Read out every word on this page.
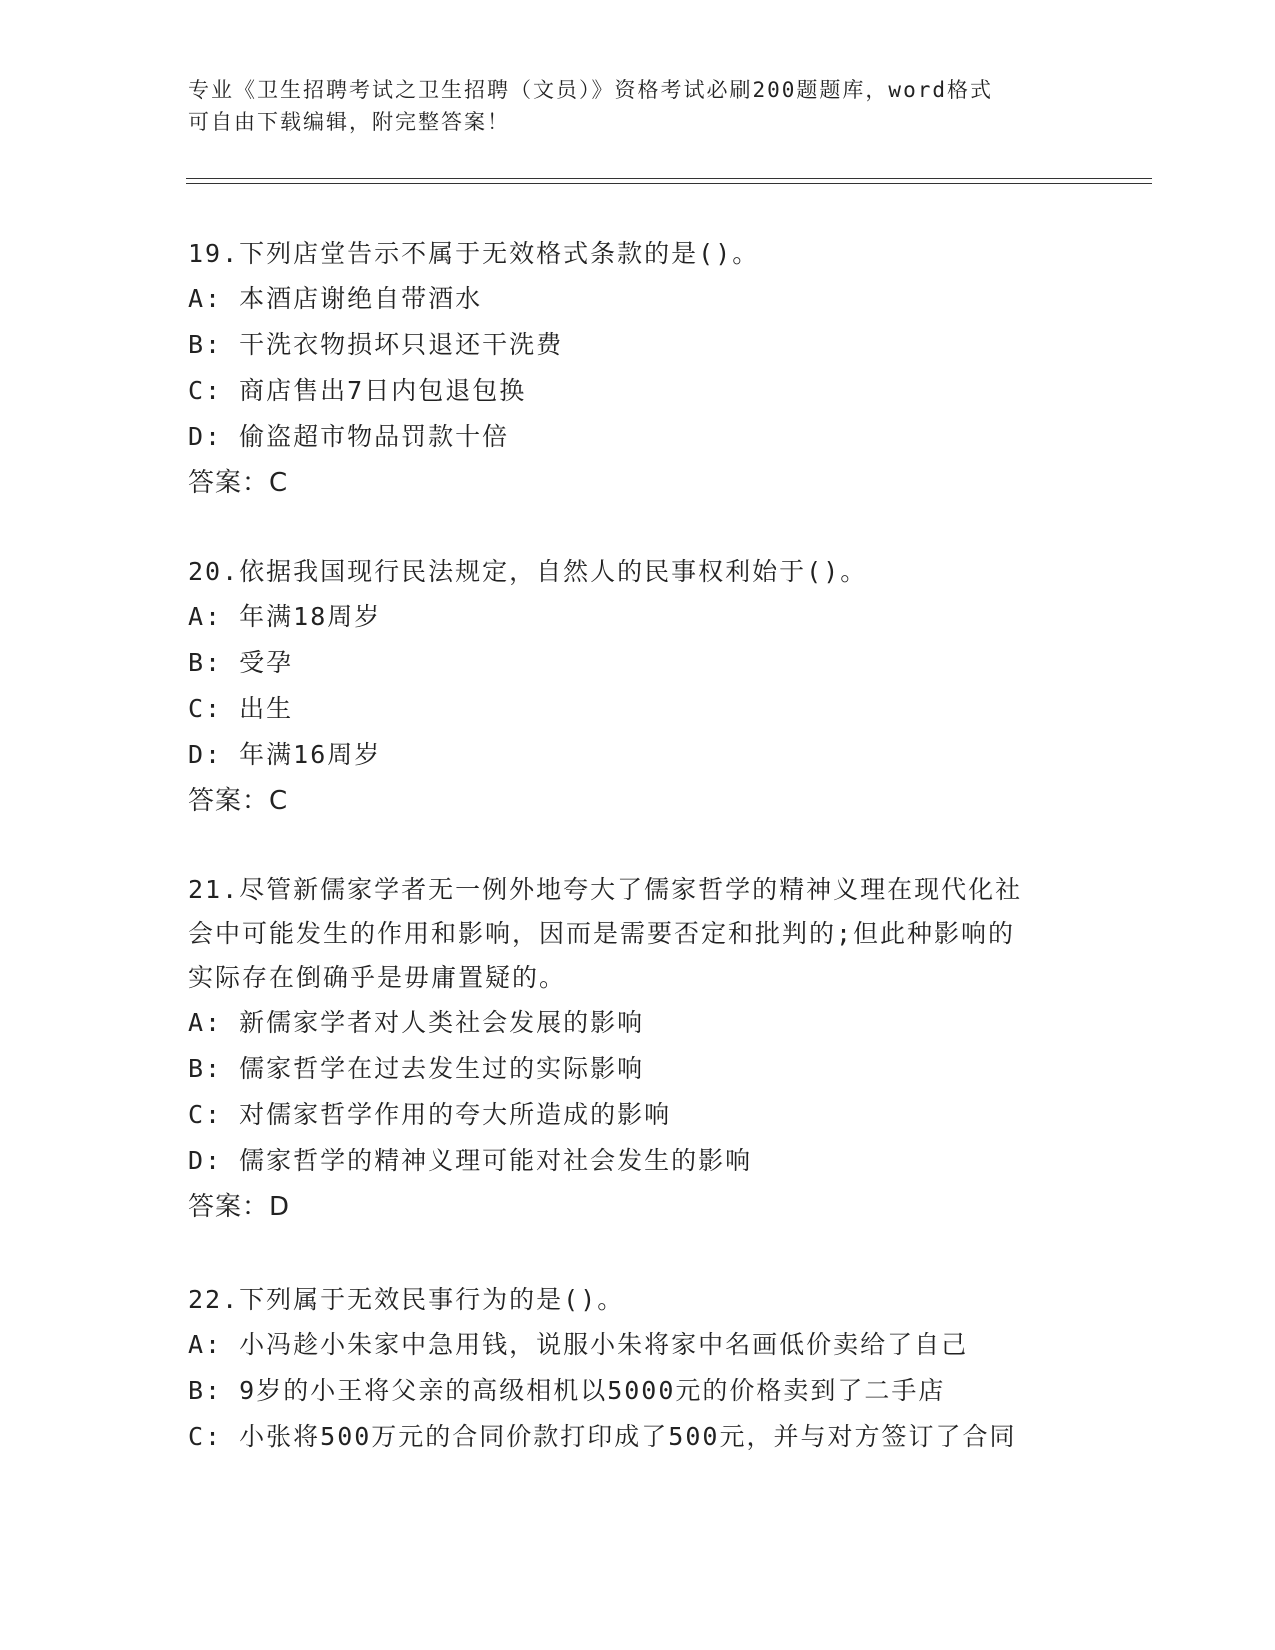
专业《卫生招聘考试之卫生招聘（文员）》资格考试必刷200题题库，word格式

可自由下载编辑，附完整答案！

19.下列店堂告示不属于无效格式条款的是()。

A: 本酒店谢绝自带酒水
B: 干洗衣物损坏只退还干洗费
C: 商店售出7日内包退包换
D: 偷盗超市物品罚款十倍

答案：C

20.依据我国现行民法规定，自然人的民事权利始于()。

A: 年满18周岁
B: 受孕
C: 出生
D: 年满16周岁

答案：C

21.尽管新儒家学者无一例外地夸大了儒家哲学的精神义理在现代化社

会中可能发生的作用和影响，因而是需要否定和批判的;但此种影响的

实际存在倒确乎是毋庸置疑的。

A: 新儒家学者对人类社会发展的影响
B: 儒家哲学在过去发生过的实际影响
C: 对儒家哲学作用的夸大所造成的影响
D: 儒家哲学的精神义理可能对社会发生的影响

答案：D

22.下列属于无效民事行为的是()。

A: 小冯趁小朱家中急用钱，说服小朱将家中名画低价卖给了自己
B: 9岁的小王将父亲的高级相机以5000元的价格卖到了二手店
C: 小张将500万元的合同价款打印成了500元，并与对方签订了合同
